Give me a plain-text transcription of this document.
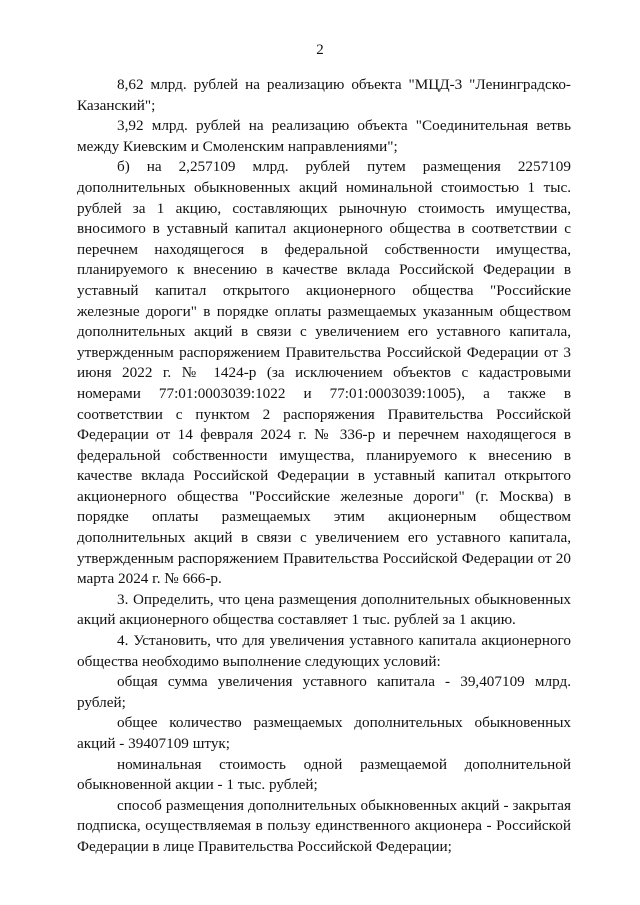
2

8,62 млрд. рублей на реализацию объекта "МЦД-3 "Ленинградско-Казанский";

3,92 млрд. рублей на реализацию объекта "Соединительная ветвь между Киевским и Смоленским направлениями";

б) на 2,257109 млрд. рублей путем размещения 2257109 дополнительных обыкновенных акций номинальной стоимостью 1 тыс. рублей за 1 акцию, составляющих рыночную стоимость имущества, вносимого в уставный капитал акционерного общества в соответствии с перечнем находящегося в федеральной собственности имущества, планируемого к внесению в качестве вклада Российской Федерации в уставный капитал открытого акционерного общества "Российские железные дороги" в порядке оплаты размещаемых указанным обществом дополнительных акций в связи с увеличением его уставного капитала, утвержденным распоряжением Правительства Российской Федерации от 3 июня 2022 г. № 1424-р (за исключением объектов с кадастровыми номерами 77:01:0003039:1022 и 77:01:0003039:1005), а также в соответствии с пунктом 2 распоряжения Правительства Российской Федерации от 14 февраля 2024 г. № 336-р и перечнем находящегося в федеральной собственности имущества, планируемого к внесению в качестве вклада Российской Федерации в уставный капитал открытого акционерного общества "Российские железные дороги" (г. Москва) в порядке оплаты размещаемых этим акционерным обществом дополнительных акций в связи с увеличением его уставного капитала, утвержденным распоряжением Правительства Российской Федерации от 20 марта 2024 г. № 666-р.

3. Определить, что цена размещения дополнительных обыкновенных акций акционерного общества составляет 1 тыс. рублей за 1 акцию.

4. Установить, что для увеличения уставного капитала акционерного общества необходимо выполнение следующих условий:

общая сумма увеличения уставного капитала - 39,407109 млрд. рублей;

общее количество размещаемых дополнительных обыкновенных акций - 39407109 штук;

номинальная стоимость одной размещаемой дополнительной обыкновенной акции - 1 тыс. рублей;

способ размещения дополнительных обыкновенных акций - закрытая подписка, осуществляемая в пользу единственного акционера - Российской Федерации в лице Правительства Российской Федерации;
